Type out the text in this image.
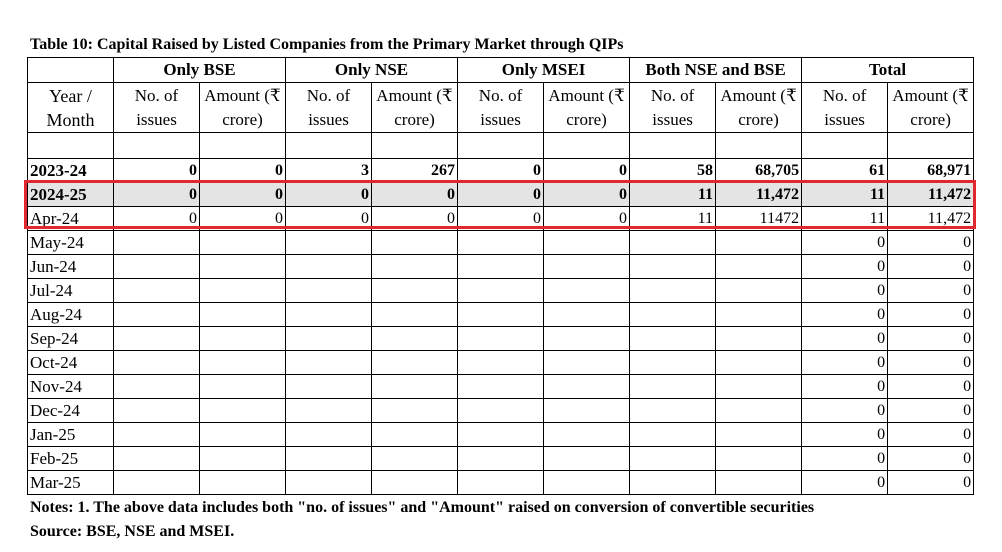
Table 10: Capital Raised by Listed Companies from the Primary Market through QIPs
	Only BSE		Only NSE		Only MSEI		Both NSE and BSE		Total	
Year / Month	No. of issues	Amount (₹ crore)	No. of issues	Amount (₹ crore)	No. of issues	Amount (₹ crore)	No. of issues	Amount (₹ crore)	No. of issues	Amount (₹ crore)

2023-24	0	0	3	267	0	0	58	68,705	61	68,971
2024-25	0	0	0	0	0	0	11	11,472	11	11,472
Apr-24	0	0	0	0	0	0	11	11472	11	11,472
May-24									0	0
Jun-24									0	0
Jul-24									0	0
Aug-24									0	0
Sep-24									0	0
Oct-24									0	0
Nov-24									0	0
Dec-24									0	0
Jan-25									0	0
Feb-25									0	0
Mar-25									0	0
Notes: 1. The above data includes both "no. of issues" and "Amount" raised on conversion of convertible securities
Source: BSE, NSE and MSEI.
